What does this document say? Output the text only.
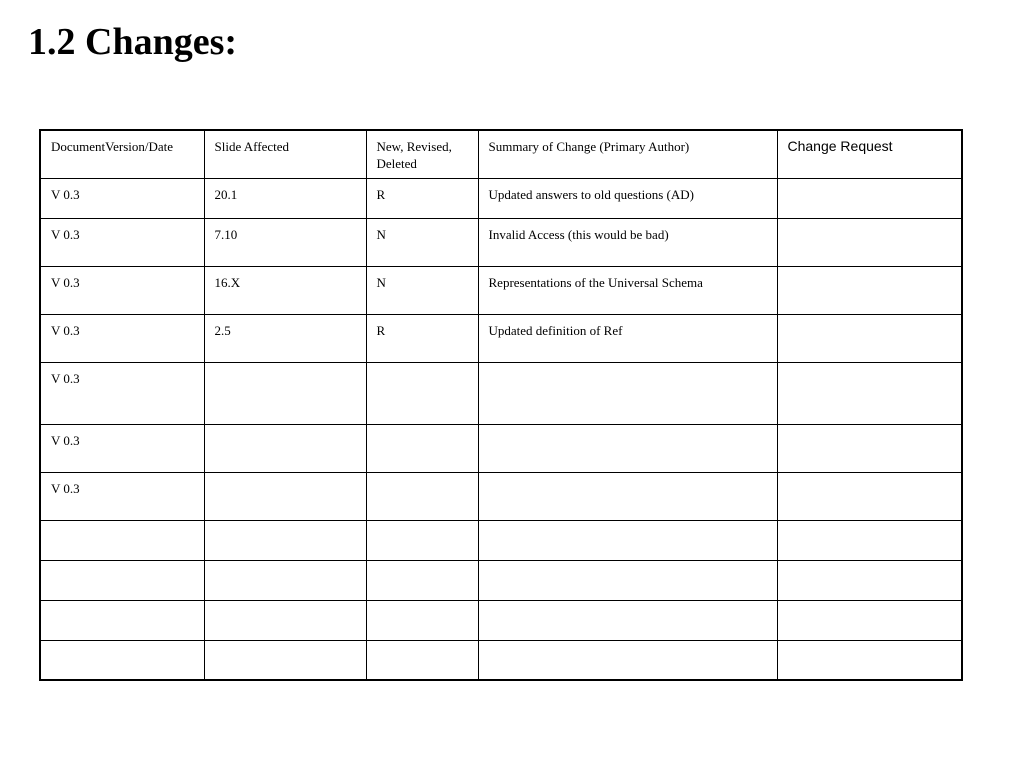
1.2 Changes:
DocumentVersion/Date	Slide Affected	New, Revised, Deleted	Summary of Change (Primary Author)	Change Request
V 0.3	20.1	R	Updated answers to old questions (AD)	
V 0.3	7.10	N	Invalid Access (this would be bad)	
V 0.3	16.X	N	Representations of the Universal Schema	
V 0.3	2.5	R	Updated definition of Ref	
V 0.3				
V 0.3				
V 0.3				
